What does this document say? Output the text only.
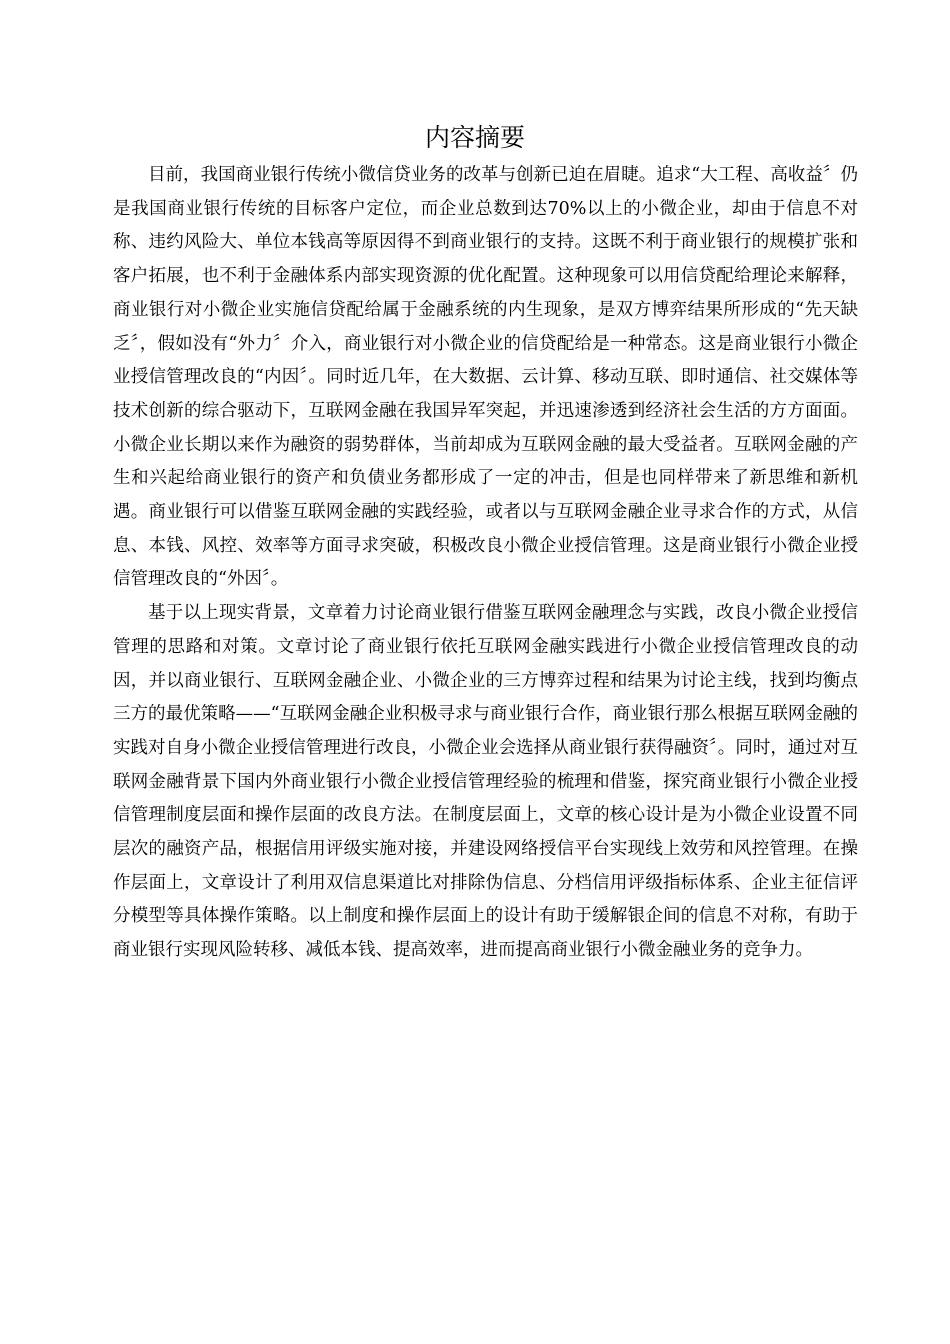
内容摘要

目前，我国商业银行传统小微信贷业务的改革与创新已迫在眉睫。追求“大工程、高收益〞仍是我国商业银行传统的目标客户定位，而企业总数到达70%以上的小微企业，却由于信息不对称、违约风险大、单位本钱高等原因得不到商业银行的支持。这既不利于商业银行的规模扩张和客户拓展，也不利于金融体系内部实现资源的优化配置。这种现象可以用信贷配给理论来解释，商业银行对小微企业实施信贷配给属于金融系统的内生现象，是双方博弈结果所形成的“先天缺乏〞，假如没有“外力〞介入，商业银行对小微企业的信贷配给是一种常态。这是商业银行小微企业授信管理改良的“内因〞。同时近几年，在大数据、云计算、移动互联、即时通信、社交媒体等技术创新的综合驱动下，互联网金融在我国异军突起，并迅速渗透到经济社会生活的方方面面。小微企业长期以来作为融资的弱势群体，当前却成为互联网金融的最大受益者。互联网金融的产生和兴起给商业银行的资产和负债业务都形成了一定的冲击，但是也同样带来了新思维和新机遇。商业银行可以借鉴互联网金融的实践经验，或者以与互联网金融企业寻求合作的方式，从信息、本钱、风控、效率等方面寻求突破，积极改良小微企业授信管理。这是商业银行小微企业授信管理改良的“外因〞。

基于以上现实背景，文章着力讨论商业银行借鉴互联网金融理念与实践，改良小微企业授信管理的思路和对策。文章讨论了商业银行依托互联网金融实践进行小微企业授信管理改良的动因，并以商业银行、互联网金融企业、小微企业的三方博弈过程和结果为讨论主线，找到均衡点三方的最优策略——“互联网金融企业积极寻求与商业银行合作，商业银行那么根据互联网金融的实践对自身小微企业授信管理进行改良，小微企业会选择从商业银行获得融资〞。同时，通过对互联网金融背景下国内外商业银行小微企业授信管理经验的梳理和借鉴，探究商业银行小微企业授信管理制度层面和操作层面的改良方法。在制度层面上，文章的核心设计是为小微企业设置不同层次的融资产品，根据信用评级实施对接，并建设网络授信平台实现线上效劳和风控管理。在操作层面上，文章设计了利用双信息渠道比对排除伪信息、分档信用评级指标体系、企业主征信评分模型等具体操作策略。以上制度和操作层面上的设计有助于缓解银企间的信息不对称，有助于商业银行实现风险转移、减低本钱、提高效率，进而提高商业银行小微金融业务的竞争力。
